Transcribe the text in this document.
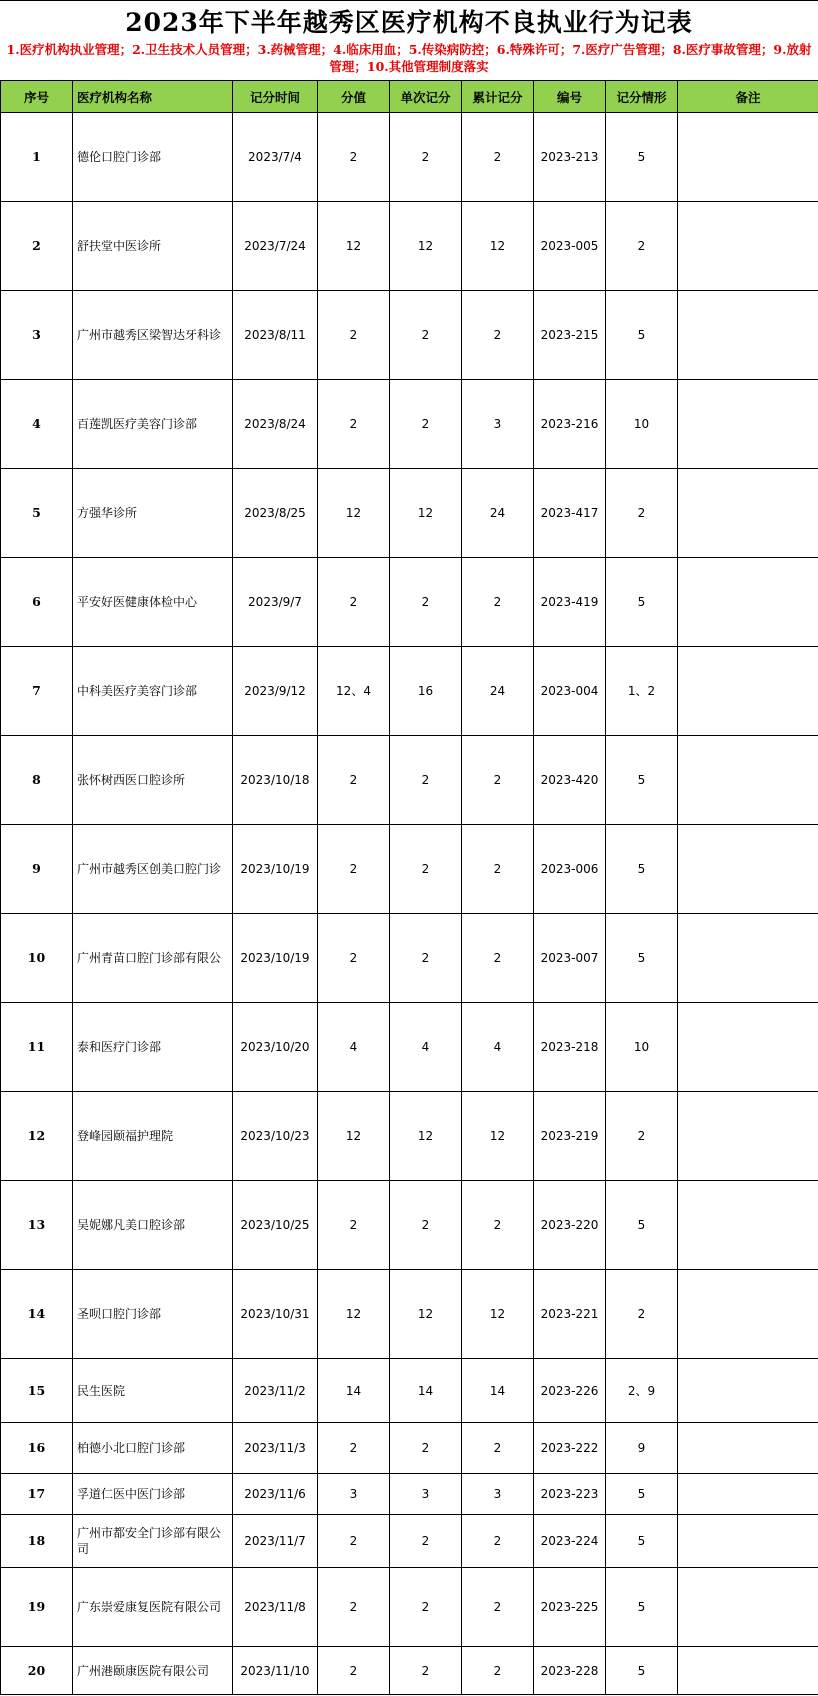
2023年下半年越秀区医疗机构不良执业行为记表
1.医疗机构执业管理；2.卫生技术人员管理；3.药械管理；4.临床用血；5.传染病防控；6.特殊许可；7.医疗广告管理；8.医疗事故管理；9.放射管理；10.其他管理制度落实
序号	医疗机构名称	记分时间	分值	单次记分	累计记分	编号	记分情形	备注
1	德伦口腔门诊部	2023/7/4	2	2	2	2023-213	5	
2	舒扶堂中医诊所	2023/7/24	12	12	12	2023-005	2	
3	广州市越秀区梁智达牙科诊	2023/8/11	2	2	2	2023-215	5	
4	百莲凯医疗美容门诊部	2023/8/24	2	2	3	2023-216	10	
5	方强华诊所	2023/8/25	12	12	24	2023-417	2	
6	平安好医健康体检中心	2023/9/7	2	2	2	2023-419	5	
7	中科美医疗美容门诊部	2023/9/12	12、4	16	24	2023-004	1、2	
8	张怀树西医口腔诊所	2023/10/18	2	2	2	2023-420	5	
9	广州市越秀区创美口腔门诊	2023/10/19	2	2	2	2023-006	5	
10	广州青苗口腔门诊部有限公	2023/10/19	2	2	2	2023-007	5	
11	泰和医疗门诊部	2023/10/20	4	4	4	2023-218	10	
12	登峰园颐福护理院	2023/10/23	12	12	12	2023-219	2	
13	吴妮娜凡美口腔诊部	2023/10/25	2	2	2	2023-220	5	
14	圣呗口腔门诊部	2023/10/31	12	12	12	2023-221	2	
15	民生医院	2023/11/2	14	14	14	2023-226	2、9	
16	柏德小北口腔门诊部	2023/11/3	2	2	2	2023-222	9	
17	孚道仁医中医门诊部	2023/11/6	3	3	3	2023-223	5	
18	广州市都安全门诊部有限公司	2023/11/7	2	2	2	2023-224	5	
19	广东崇爱康复医院有限公司	2023/11/8	2	2	2	2023-225	5	
20	广州港颐康医院有限公司	2023/11/10	2	2	2	2023-228	5	
